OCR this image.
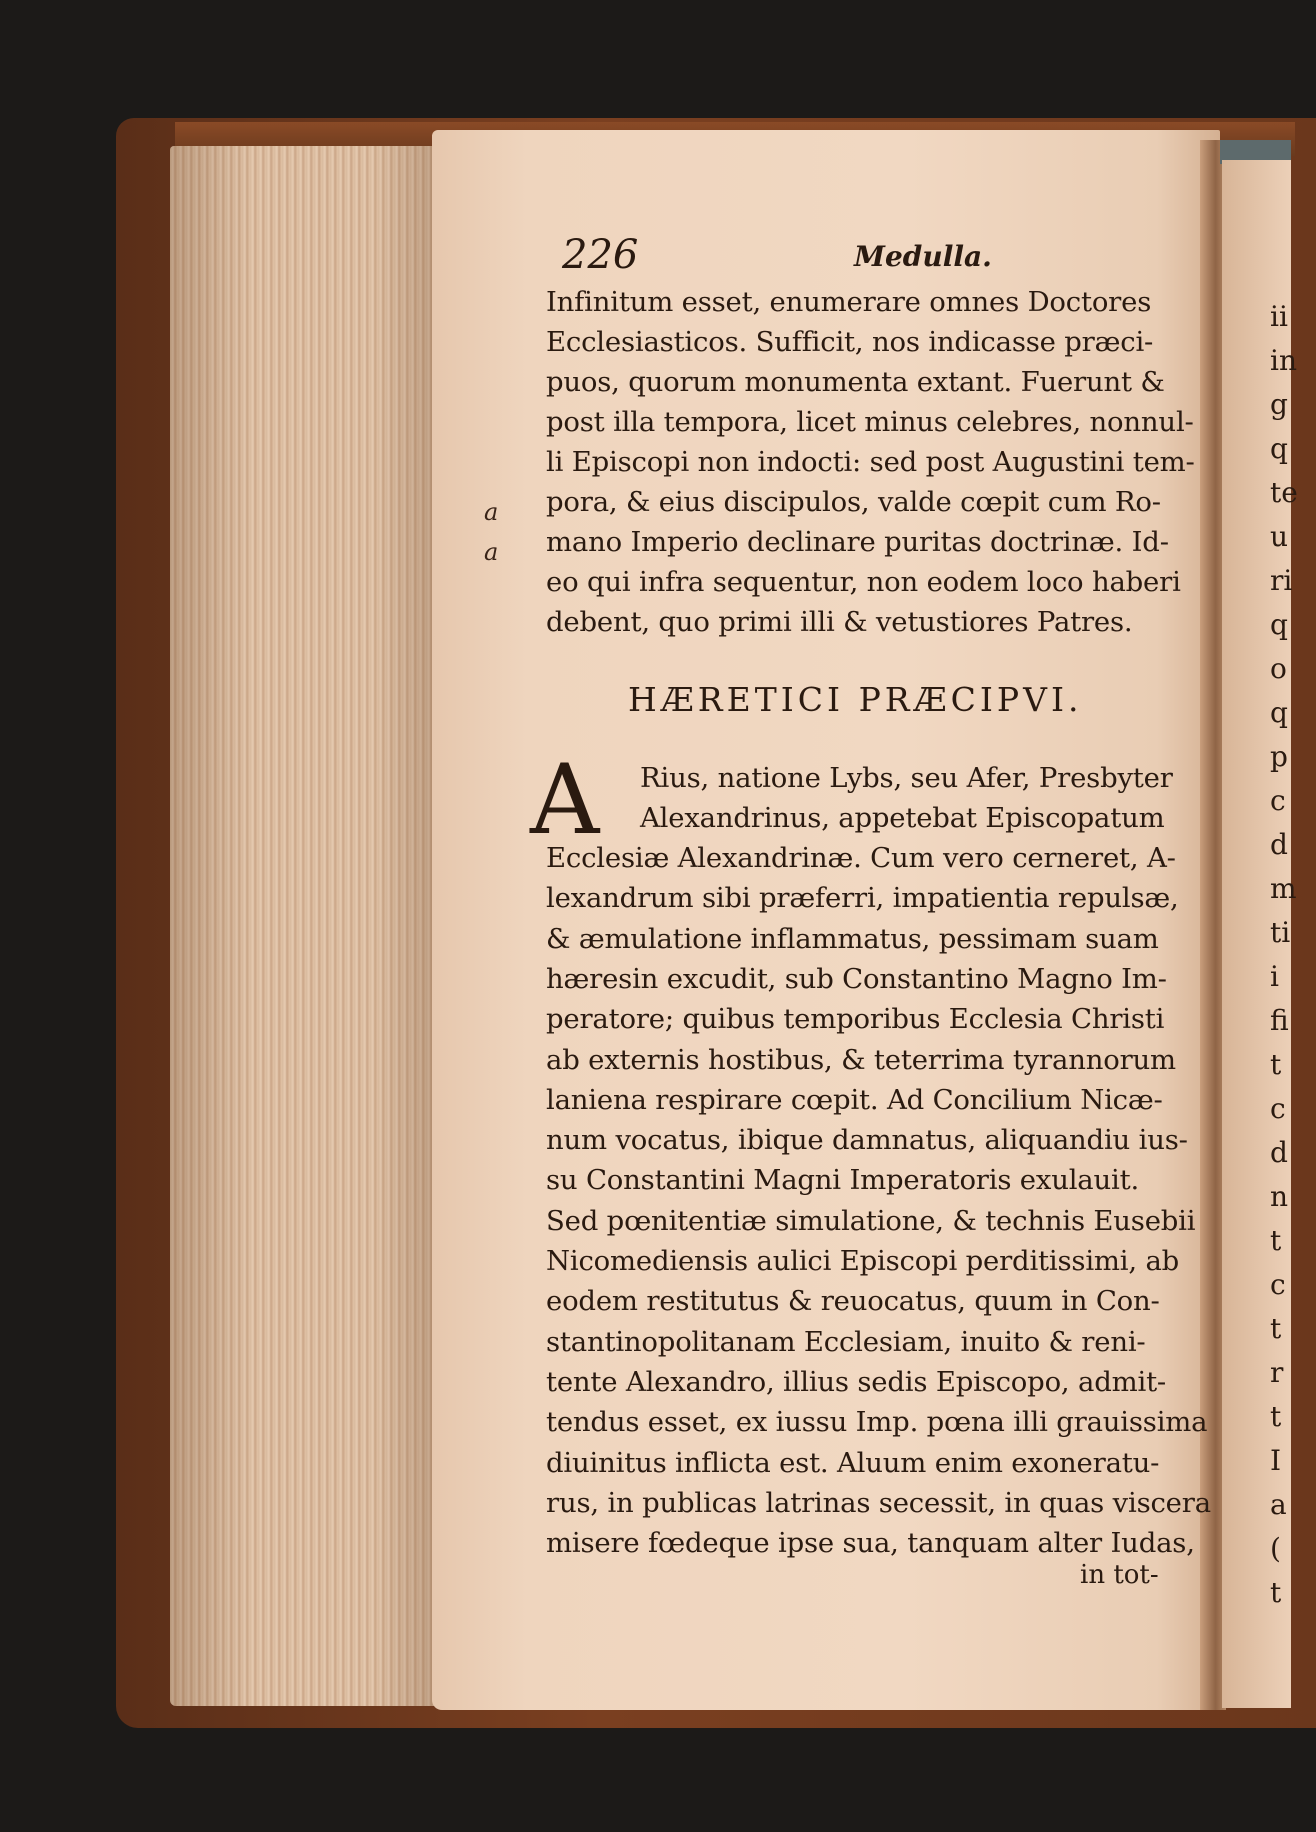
226	Medulla.
Infinitum esset, enumerare omnes Doctores
Ecclesiasticos. Sufficit, nos indicasse præci-
puos, quorum monumenta extant. Fuerunt &
post illa tempora, licet minus celebres, nonnul-
li Episcopi non indocti: sed post Augustini tem-
pora, & eius discipulos, valde cœpit cum Ro-
mano Imperio declinare puritas doctrinæ. Id-
eo qui infra sequentur, non eodem loco haberi
debent, quo primi illi & vetustiores Patres.
a
a
HÆRETICI PRÆCIPVI.
A Rius, natione Lybs, seu Afer, Presbyter
Alexandrinus, appetebat Episcopatum
Ecclesiæ Alexandrinæ. Cum vero cerneret, A-
lexandrum sibi præferri, impatientia repulsæ,
& æmulatione inflammatus, pessimam suam
hæresin excudit, sub Constantino Magno Im-
peratore; quibus temporibus Ecclesia Christi
ab externis hostibus, & teterrima tyrannorum
laniena respirare cœpit. Ad Concilium Nicæ-
num vocatus, ibique damnatus, aliquandiu ius-
su Constantini Magni Imperatoris exulauit.
Sed pœnitentiæ simulatione, & technis Eusebii
Nicomediensis aulici Episcopi perditissimi, ab
eodem restitutus & reuocatus, quum in Con-
stantinopolitanam Ecclesiam, inuito & reni-
tente Alexandro, illius sedis Episcopo, admit-
tendus esset, ex iussu Imp. pœna illi grauissima
diuinitus inflicta est. Aluum enim exoneratu-
rus, in publicas latrinas secessit, in quas viscera
misere fœdeque ipse sua, tanquam alter Iudas,
in tot-
ii
in
g
q
te
u
ri
q
o
q
p
c
d
m
ti
i
fi
t
c
d
n
t
c
t
r
t
I
a
(
t
